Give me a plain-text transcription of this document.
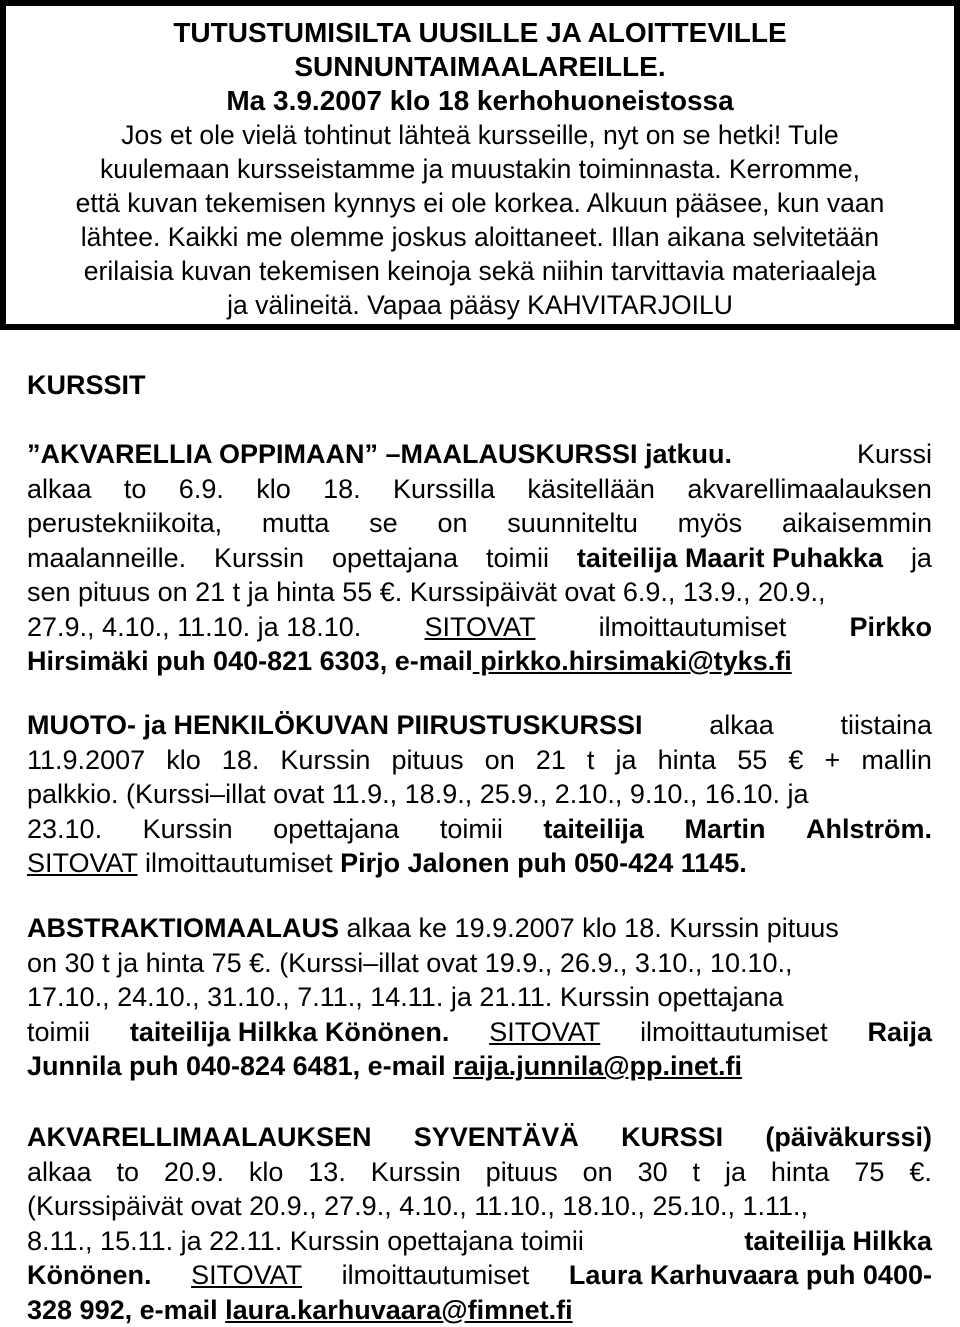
TUTUSTUMISILTA UUSILLE JA ALOITTEVILLE
SUNNUNTAIMAALAREILLE.
Ma 3.9.2007 klo 18 kerhohuoneistossa
Jos et ole vielä tohtinut lähteä kursseille, nyt on se hetki! Tule
kuulemaan kursseistamme ja muustakin toiminnasta. Kerromme,
että kuvan tekemisen kynnys ei ole korkea. Alkuun pääsee, kun vaan
lähtee. Kaikki me olemme joskus aloittaneet. Illan aikana selvitetään
erilaisia kuvan tekemisen keinoja sekä niihin tarvittavia materiaaleja
ja välineitä. Vapaa pääsy KAHVITARJOILU
KURSSIT
”AKVARELLIA OPPIMAAN” –MAALAUSKURSSI jatkuu.	Kurssi
alkaa to 6.9. klo 18. Kurssilla käsitellään akvarellimaalauksen
perustekniikoita, mutta se on suunniteltu myös aikaisemmin
maalanneille. Kurssin opettajana toimii taiteilija Maarit Puhakka ja
sen pituus on 21 t ja hinta 55 €. Kurssipäivät ovat 6.9., 13.9., 20.9.,
27.9., 4.10., 11.10. ja 18.10. SITOVAT ilmoittautumiset Pirkko
Hirsimäki puh 040-821 6303, e-mail pirkko.hirsimaki@tyks.fi
MUOTO- ja HENKILÖKUVAN PIIRUSTUSKURSSI alkaa tiistaina
11.9.2007 klo 18. Kurssin pituus on 21 t ja hinta 55 € + mallin
palkkio. (Kurssi–illat ovat 11.9., 18.9., 25.9., 2.10., 9.10., 16.10. ja
23.10. Kurssin opettajana toimii taiteilija Martin Ahlström.
SITOVAT ilmoittautumiset Pirjo Jalonen puh 050-424 1145.
ABSTRAKTIOMAALAUS alkaa ke 19.9.2007 klo 18. Kurssin pituus
on 30 t ja hinta 75 €. (Kurssi–illat ovat 19.9., 26.9., 3.10., 10.10.,
17.10., 24.10., 31.10., 7.11., 14.11. ja 21.11. Kurssin opettajana
toimii taiteilija Hilkka Könönen. SITOVAT ilmoittautumiset Raija
Junnila puh 040-824 6481, e-mail raija.junnila@pp.inet.fi
AKVARELLIMAALAUKSEN SYVENTÄVÄ KURSSI (päiväkurssi)
alkaa to 20.9. klo 13. Kurssin pituus on 30 t ja hinta 75 €.
(Kurssipäivät ovat 20.9., 27.9., 4.10., 11.10., 18.10., 25.10., 1.11.,
8.11., 15.11. ja 22.11. Kurssin opettajana toimii	taiteilija Hilkka
Könönen. SITOVAT ilmoittautumiset Laura Karhuvaara puh 0400-
328 992, e-mail laura.karhuvaara@fimnet.fi
